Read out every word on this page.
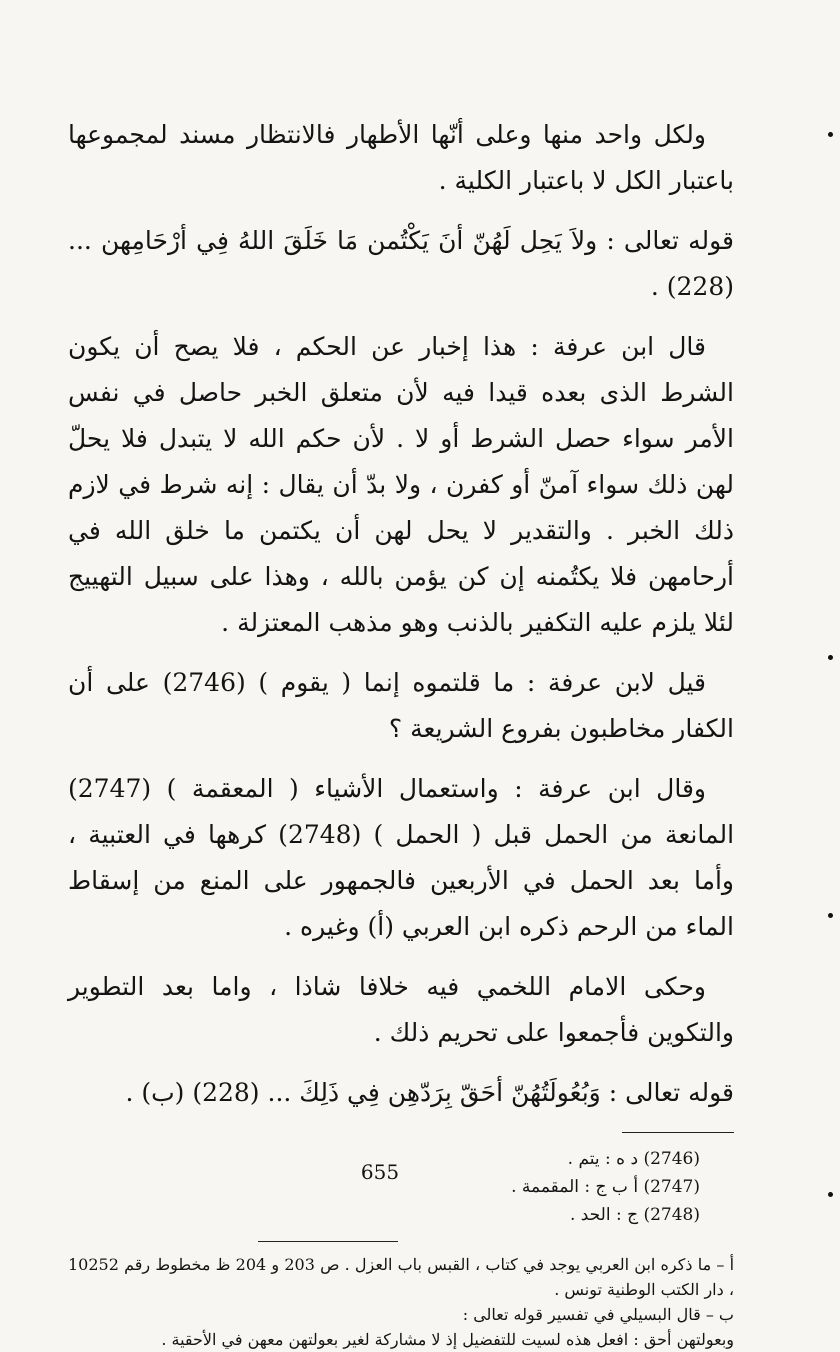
ولكل واحد منها وعلى أنّها الأطهار فالانتظار مسند لمجموعها باعتبار الكل لا باعتبار الكلية .

قوله تعالى : ولاَ يَحِل لَهُنّ أنَ يَكْتُمن مَا خَلَقَ اللهُ فِي أرْحَامِهن ... (228) .

قال ابن عرفة : هذا إخبار عن الحكم ، فلا يصح أن يكون الشرط الذى بعده قيدا فيه لأن متعلق الخبر حاصل في نفس الأمر سواء حصل الشرط أو لا . لأن حكم الله لا يتبدل فلا يحلّ لهن ذلك سواء آمنّ أو كفرن ، ولا بدّ أن يقال : إنه شرط في لازم ذلك الخبر . والتقدير لا يحل لهن أن يكتمن ما خلق الله في أرحامهن فلا يكتُمنه إن كن يؤمن بالله ، وهذا على سبيل التهييج لئلا يلزم عليه التكفير بالذنب وهو مذهب المعتزلة .

قيل لابن عرفة : ما قلتموه إنما ( يقوم ) (2746) على أن الكفار مخاطبون بفروع الشريعة ؟

وقال ابن عرفة : واستعمال الأشياء ( المعقمة ) (2747) المانعة من الحمل قبل ( الحمل ) (2748) كرهها في العتبية ، وأما بعد الحمل في الأربعين فالجمهور على المنع من إسقاط الماء من الرحم ذكره ابن العربي (أ) وغيره .

وحكى الامام اللخمي فيه خلافا شاذا ، واما بعد التطوير والتكوين فأجمعوا على تحريم ذلك .

قوله تعالى : وَبُعُولَتُهُنّ أحَقّ بِرَدّهِن فِي ذَلِكَ ... (228) (ب) .

(2746) د ه : يتم .
(2747) أ ب ج : المقممة .
(2748) ج : الحد .

أ – ما ذكره ابن العربي يوجد في كتاب ، القبس باب العزل . ص 203 و 204 ظ مخطوط رقم 10252 ، دار الكتب الوطنية تونس .

ب – قال البسيلي في تفسير قوله تعالى :

وبعولتهن أحق : افعل هذه لسيت للتفضيل إذ لا مشاركة لغير بعولتهن معهن في الأحقية .

655
